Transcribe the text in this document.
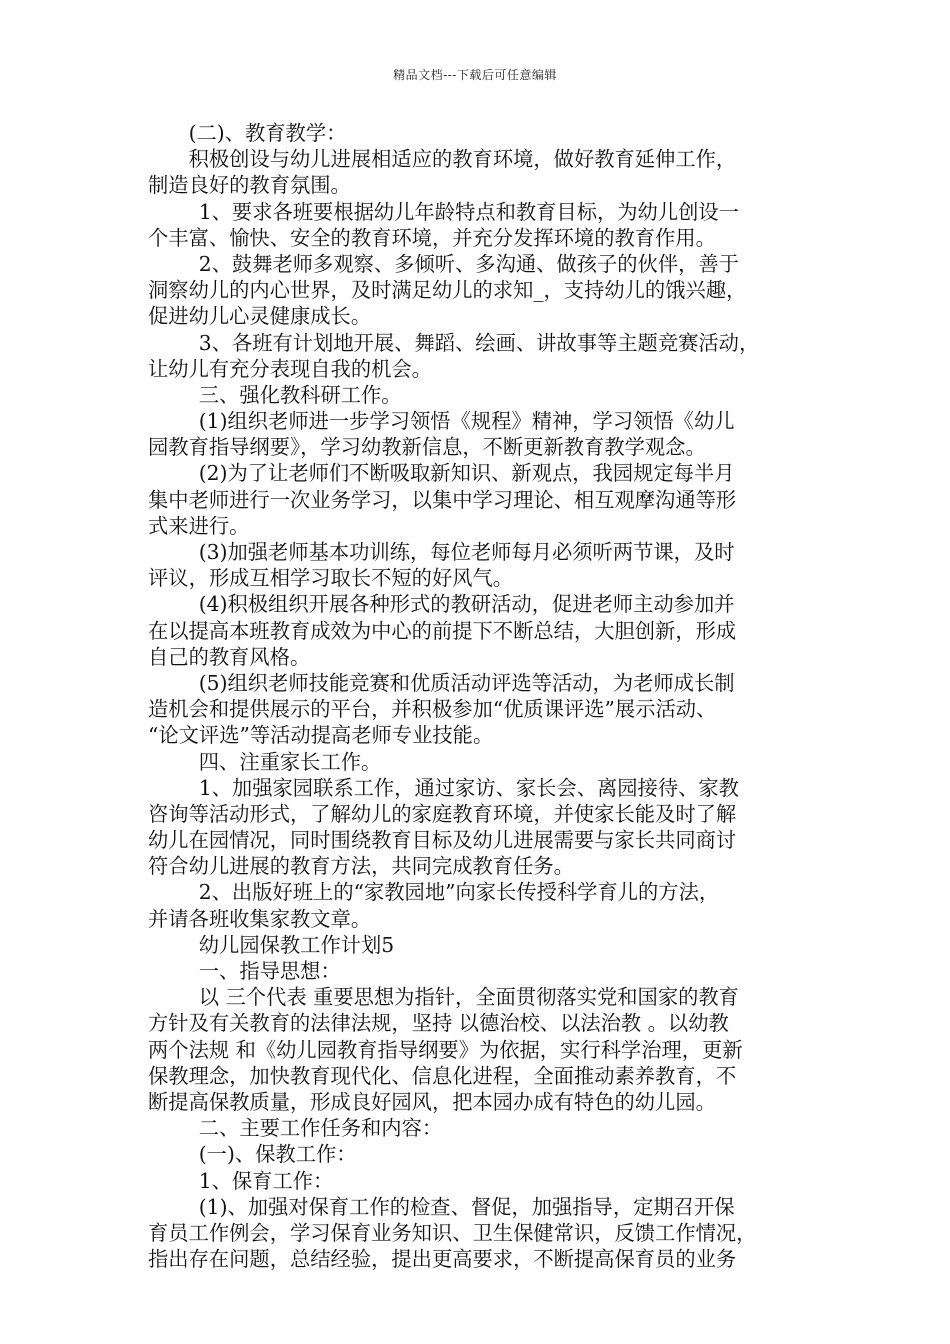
精品文档---下载后可任意编辑
(二)、教育教学：
积极创设与幼儿进展相适应的教育环境，做好教育延伸工作，
制造良好的教育氛围。
1、要求各班要根据幼儿年龄特点和教育目标，为幼儿创设一
个丰富、愉快、安全的教育环境，并充分发挥环境的教育作用。
2、鼓舞老师多观察、多倾听、多沟通、做孩子的伙伴，善于
洞察幼儿的内心世界，及时满足幼儿的求知_，支持幼儿的饿兴趣，
促进幼儿心灵健康成长。
3、各班有计划地开展、舞蹈、绘画、讲故事等主题竞赛活动，
让幼儿有充分表现自我的机会。
三、强化教科研工作。
(1)组织老师进一步学习领悟《规程》精神，学习领悟《幼儿
园教育指导纲要》，学习幼教新信息，不断更新教育教学观念。
(2)为了让老师们不断吸取新知识、新观点，我园规定每半月
集中老师进行一次业务学习，以集中学习理论、相互观摩沟通等形
式来进行。
(3)加强老师基本功训练，每位老师每月必须听两节课，及时
评议，形成互相学习取长不短的好风气。
(4)积极组织开展各种形式的教研活动，促进老师主动参加并
在以提高本班教育成效为中心的前提下不断总结，大胆创新，形成
自己的教育风格。
(5)组织老师技能竞赛和优质活动评选等活动，为老师成长制
造机会和提供展示的平台，并积极参加“优质课评选”展示活动、
“论文评选”等活动提高老师专业技能。
四、注重家长工作。
1、加强家园联系工作，通过家访、家长会、离园接待、家教
咨询等活动形式，了解幼儿的家庭教育环境，并使家长能及时了解
幼儿在园情况，同时围绕教育目标及幼儿进展需要与家长共同商讨
符合幼儿进展的教育方法，共同完成教育任务。
2、出版好班上的“家教园地”向家长传授科学育儿的方法，
并请各班收集家教文章。
幼儿园保教工作计划5
一、指导思想：
以 三个代表 重要思想为指针，全面贯彻落实党和国家的教育
方针及有关教育的法律法规，坚持 以德治校、以法治教 。以幼教
两个法规 和《幼儿园教育指导纲要》为依据，实行科学治理，更新
保教理念，加快教育现代化、信息化进程，全面推动素养教育，不
断提高保教质量，形成良好园风，把本园办成有特色的幼儿园。
二、主要工作任务和内容：
(一)、保教工作：
1、保育工作：
(1)、加强对保育工作的检查、督促，加强指导，定期召开保
育员工作例会，学习保育业务知识、卫生保健常识，反馈工作情况，
指出存在问题，总结经验，提出更高要求，不断提高保育员的业务
